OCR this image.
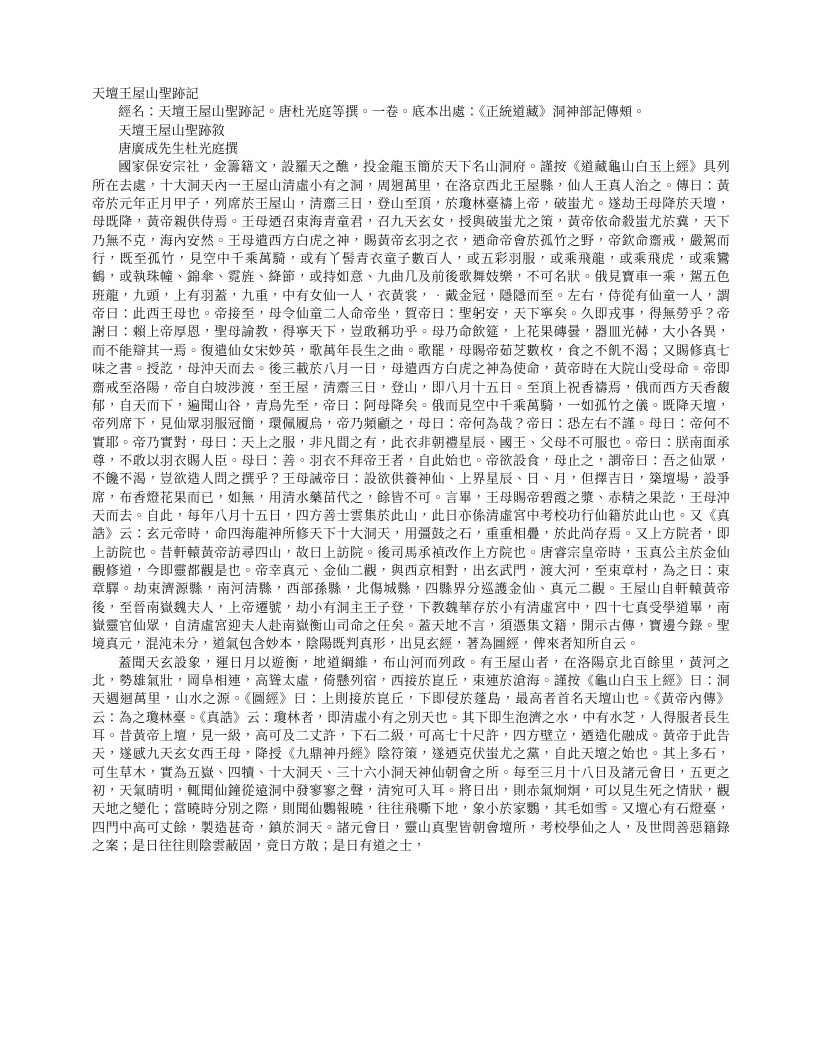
天壇王屋山聖跡記

經名：天壇王屋山聖跡記。唐杜光庭等撰。一卷。底本出處：《正統道藏》洞神部記傳頰。

天壇王屋山聖跡敘

唐廣成先生杜光庭撰

國家保安宗社，金籌籍文，設羅天之醮，投金龍玉簡於天下名山洞府。謹按《道藏龜山白玉上經》具列所在去處，十大洞天內一王屋山清虛小有之洞，周迥萬里，在洛京西北王屋縣，仙人王真人治之。傳曰：黃帝於元年正月甲子，列席於王屋山，清齋三日，登山至頂，於瓊林臺禱上帝，破蚩尤。遂劫王母降於天壇，母既降，黃帝親供侍焉。王母迺召束海青童君，召九天玄女，授與破蚩尤之策，黃帝依命殺蚩尤於冀，天下乃無不克，海內安然。王母遣西方白虎之神，賜黃帝玄羽之衣，迺命帝會於孤竹之野，帝欽命齋戒，嚴駕而行，既至孤竹，見空中千乘萬騎，或有丫髻青衣童子數百人，或五彩羽服，或乘飛龍，或乘飛虎，或乘鸞鶴，或執珠幢、錦傘、霓旌、絳節，或持如意、九曲几及前後歌舞妓樂，不可名狀。俄見寶車一乘，駕五色班龍，九頭，上有羽蓋，九重，中有女仙一人，衣黃裳，．戴金冠，隱隱而至。左右，侍從有仙童一人，謂帝曰：此西王母也。帝接至，母令仙童二人命帝坐，賀帝曰：聖躬安，天下寧矣。久即戎事，得無勞乎？帝謝曰：賴上帝厚恩，聖母諭教，得寧天下，豈敢稱功乎。母乃命飲筵，上花果磚曇，器皿光赫，大小各異，而不能辯其一焉。復遣仙女宋妙英，歌萬年長生之曲。歌罷，母賜帝茹芝數枚，食之不飢不渴；又賜修真七味之書。授訖，母沖天而去。後三載於八月一日，母遣西方白虎之神為使命，黃帝時在大院山受母命。帝即齋戒至洛陽，帝自白坡涉渡，至王屋，清齋三日，登山，即八月十五日。至頂上祝香禱焉，俄而西方天香馥郁，自天而下，遍聞山谷，青鳥先至，帝曰：阿母降矣。俄而見空中千乘萬騎，一如孤竹之儀。既降天壇，帝列席下，見仙眾羽服冠簡，環佩履烏，帝乃頻顧之，母曰：帝何為哉？帝曰：恐左右不謹。母曰：帝何不實耶。帝乃實對，母曰：天上之服，非凡間之有，此衣非朝禮星辰、國王、父母不可服也。帝曰：朕南面承尊，不敢以羽衣賜人臣。母曰：善。羽衣不拜帝王者，自此始也。帝欲設食，母止之，謂帝曰：吾之仙眾，不饞不渴，豈欲造人問之撰乎？王母誡帝曰：設欲供養神仙、上界星辰、日、月，但擇吉日，築壇場，設爭席，布香燈花果而已，如無，用清水藥苗代之，餘皆不可。言畢，王母賜帝碧霞之漿、赤精之果訖，王母沖天而去。自此，每年八月十五日，四方善士雲集於此山，此日亦係清虛宮中考校功行仙籍於此山也。又《真誥》云：玄元帝時，命四海龍神所修天下十大洞天，用彊鼓之石，重重相疊，於此尚存焉。又上方院者，即上訪院也。昔軒轅黃帝訪尋四山，故曰上訪院。後司馬承禎改作上方院也。唐睿宗皇帝時，玉真公主於金仙觀修道，今即靈都觀是也。帝幸真元、金仙二觀，與西京相對，出玄武門，渡大河，至束章村，為之曰：束章驛。劫束濟源縣，南河清縣，西部孫縣，北傷城縣，四縣界分巡護金仙、真元二觀。王屋山自軒轅黃帝後，至晉南嶽魏夫人，上帝遷號，劫小有洞主王子登，下教魏華存於小有清虛宮中，四十七真受學道畢，南嶽靈官仙眾，自清虛宮迎夫人赴南嶽衡山司命之任矣。蓋天地不言，須憑集文籍，開示古傳，寶邊今錄。聖境真元，混沌未分，道氣包含妙本，陰陽既判真形，出見玄經，著為圖經，俾來者知所自云。

蓋聞天玄設象，運日月以遊衡，地道綱維，布山河而列政。有王屋山者，在洛陽京北百餘里，黃河之北，勢雄氣壯，岡阜相連，高聳太虛，倚懸列宿，西接於崑丘，束連於滄海。謹按《龜山白玉上經》曰：洞天週迴萬里，山水之源。《圖經》曰：上則接於崑丘，下即侵於蓬島，最高者首名天壇山也。《黃帝內傳》云：為之瓊林臺。《真誥》云：瓊林者，即清虛小有之別天也。其下即生泡濟之水，中有水芝，人得服者長生耳。昔黃帝上壇，見一級，高可及二丈許，下石二級，可高七十尺許，四方壁立，迺造化融成。黃帝于此告天，遂感九天玄女西王母，降授《九鼎神丹經》陰符策，遂迺克伏蚩尤之黨，自此天壇之始也。其上多石，可生草木，實為五嶽、四犢、十大洞天、三十六小洞天神仙朝會之所。每至三月十八日及諸元會日，五更之初，天氣晴明，輒聞仙鐘從遠洞中發寥寥之聲，清宛可入耳。將日出，則赤氣炯炯，可以見生死之情狀，觀天地之變化；當曉時分別之際，則聞仙鸚報曉，往往飛嘶下地，象小於家鸚，其毛如雪。又壇心有石燈臺，四門中高可丈餘，製造甚奇，鎮於洞天。諸元會日，靈山真聖皆朝會壇所，考校學仙之人，及世問善惡籍錄之案；是日往往則陰雲蔽固，竟日方散；是日有道之士，
